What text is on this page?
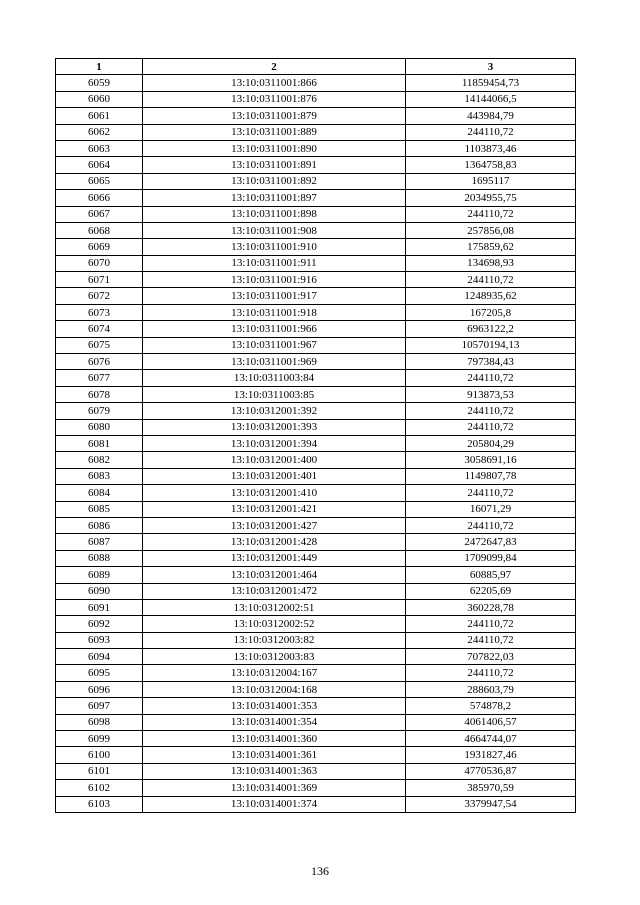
1	2	3
6059	13:10:0311001:866	11859454,73
6060	13:10:0311001:876	14144066,5
6061	13:10:0311001:879	443984,79
6062	13:10:0311001:889	244110,72
6063	13:10:0311001:890	1103873,46
6064	13:10:0311001:891	1364758,83
6065	13:10:0311001:892	1695117
6066	13:10:0311001:897	2034955,75
6067	13:10:0311001:898	244110,72
6068	13:10:0311001:908	257856,08
6069	13:10:0311001:910	175859,62
6070	13:10:0311001:911	134698,93
6071	13:10:0311001:916	244110,72
6072	13:10:0311001:917	1248935,62
6073	13:10:0311001:918	167205,8
6074	13:10:0311001:966	6963122,2
6075	13:10:0311001:967	10570194,13
6076	13:10:0311001:969	797384,43
6077	13:10:0311003:84	244110,72
6078	13:10:0311003:85	913873,53
6079	13:10:0312001:392	244110,72
6080	13:10:0312001:393	244110,72
6081	13:10:0312001:394	205804,29
6082	13:10:0312001:400	3058691,16
6083	13:10:0312001:401	1149807,78
6084	13:10:0312001:410	244110,72
6085	13:10:0312001:421	16071,29
6086	13:10:0312001:427	244110,72
6087	13:10:0312001:428	2472647,83
6088	13:10:0312001:449	1709099,84
6089	13:10:0312001:464	60885,97
6090	13:10:0312001:472	62205,69
6091	13:10:0312002:51	360228,78
6092	13:10:0312002:52	244110,72
6093	13:10:0312003:82	244110,72
6094	13:10:0312003:83	707822,03
6095	13:10:0312004:167	244110,72
6096	13:10:0312004:168	288603,79
6097	13:10:0314001:353	574878,2
6098	13:10:0314001:354	4061406,57
6099	13:10:0314001:360	4664744,07
6100	13:10:0314001:361	1931827,46
6101	13:10:0314001:363	4770536,87
6102	13:10:0314001:369	385970,59
6103	13:10:0314001:374	3379947,54
136
